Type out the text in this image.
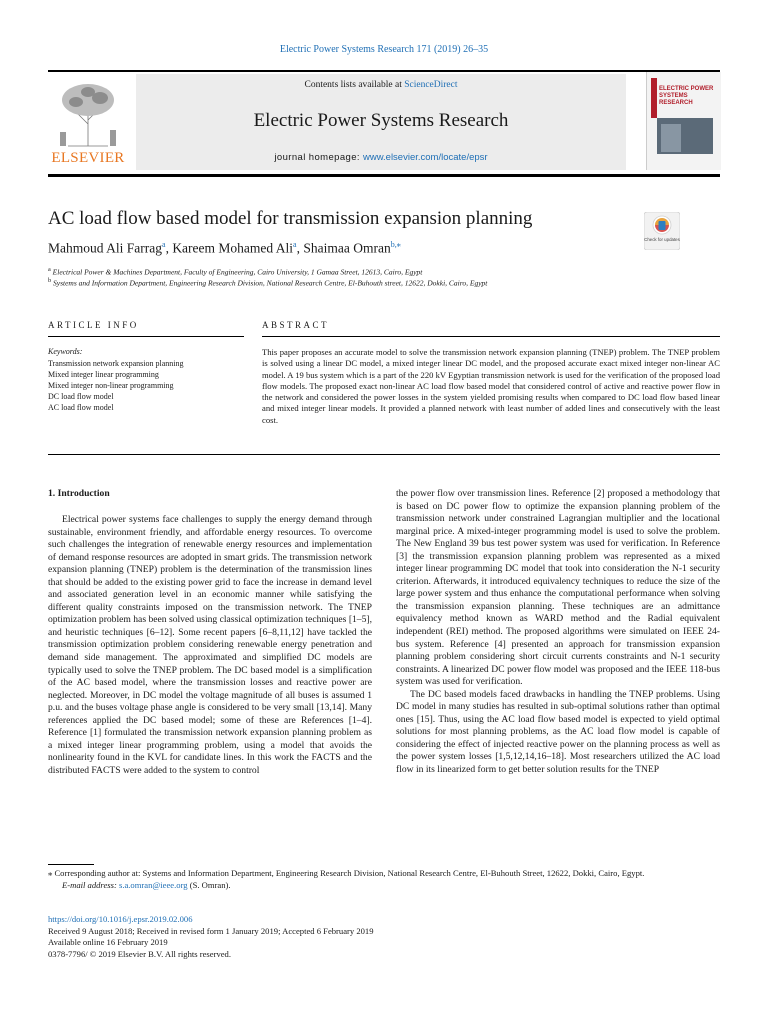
Electric Power Systems Research 171 (2019) 26–35
ELSEVIER
Contents lists available at ScienceDirect
Electric Power Systems Research
journal homepage: www.elsevier.com/locate/epsr
ELECTRIC POWER SYSTEMS RESEARCH
AC load flow based model for transmission expansion planning
Check for updates
Mahmoud Ali Farrag$^a$, Kareem Mohamed Ali$^a$, Shaimaa Omran$^{b,⁎}$
$^a$ Electrical Power & Machines Department, Faculty of Engineering, Cairo University, 1 Gamaa Street, 12613, Cairo, Egypt
$^b$ Systems and Information Department, Engineering Research Division, National Research Centre, El-Buhouth street, 12622, Dokki, Cairo, Egypt
ARTICLE INFO	ABSTRACT
Keywords:
Transmission network expansion planning
Mixed integer linear programming
Mixed integer non-linear programming
DC load flow model
AC load flow model

This paper proposes an accurate model to solve the transmission network expansion planning (TNEP) problem. The TNEP problem is solved using a linear DC model, a mixed integer linear DC model, and the proposed accurate exact mixed integer non-linear AC model. A 19 bus system which is a part of the 220 kV Egyptian transmission network is used for the verification of the proposed load flow models. The proposed exact non-linear AC load flow based model that considered control of active and reactive power flow in the network and considered the power losses in the system yielded promising results when compared to DC load flow based linear and mixed integer linear models. It provided a planned network with least number of added lines and consecutively with the least cost.

1. Introduction

Electrical power systems face challenges to supply the energy demand through sustainable, environment friendly, and affordable energy resources. To overcome such challenges the integration of renewable energy resources and implementation of demand response resources are adopted in smart grids. The transmission network expansion planning (TNEP) problem is the determination of the transmission lines that should be added to the existing power grid to face the increase in demand level and associated generation level in an economic manner while satisfying the different quality constraints imposed on the transmission network. The TNEP optimization problem has been solved using classical optimization techniques [1–5], and heuristic techniques [6–12]. Some recent papers [6–8,11,12] have tackled the transmission optimization problem considering renewable energy penetration and demand side management. The approximated and simplified DC models are typically used to solve the TNEP problem. The DC based model is a simplification of the AC based model, where the transmission losses and reactive power are neglected. Moreover, in DC model the voltage magnitude of all buses is assumed 1 p.u. and the buses voltage phase angle is considered to be very small [13,14]. Many references applied the DC based model; some of these are References [1–4]. Reference [1] formulated the transmission network expansion planning problem as a mixed integer linear programming problem, using a model that avoids the nonlinearity found in the KVL for candidate lines. In this work the FACTS and the distributed FACTS were added to the system to control

the power flow over transmission lines. Reference [2] proposed a methodology that is based on DC power flow to optimize the expansion planning problem of the transmission network under constrained Lagrangian multiplier and the locational marginal price. A mixed-integer programming model is used to solve the problem. The New England 39 bus test power system was used for verification. In Reference [3] the transmission expansion planning problem was represented as a mixed integer linear programming DC model that took into consideration the N-1 security criterion. Afterwards, it introduced equivalency techniques to reduce the size of the large power system and thus enhance the computational performance when solving the transmission expansion planning. These techniques are an admittance equivalency method known as WARD method and the Radial equivalent independent (REI) method. The proposed algorithms were simulated on IEEE 24-bus system. Reference [4] presented an approach for transmission expansion planning problem considering short circuit currents constraints and N-1 security constraints. A linearized DC power flow model was proposed and the IEEE 118-bus system was used for verification.

The DC based models faced drawbacks in handling the TNEP problems. Using DC model in many studies has resulted in sub-optimal solutions rather than optimal ones [15]. Thus, using the AC load flow based model is expected to yield optimal solutions for most planning problems, as the AC load flow model is capable of considering the effect of injected reactive power on the planning process as well as the power system losses [1,5,12,14,16–18]. Most researchers utilized the AC load flow in its linearized form to get better solution results for the TNEP

⁎ Corresponding author at: Systems and Information Department, Engineering Research Division, National Research Centre, El-Buhouth Street, 12622, Dokki, Cairo, Egypt.

E-mail address: s.a.omran@ieee.org (S. Omran).

https://doi.org/10.1016/j.epsr.2019.02.006

Received 9 August 2018; Received in revised form 1 January 2019; Accepted 6 February 2019

Available online 16 February 2019

0378-7796/ © 2019 Elsevier B.V. All rights reserved.
